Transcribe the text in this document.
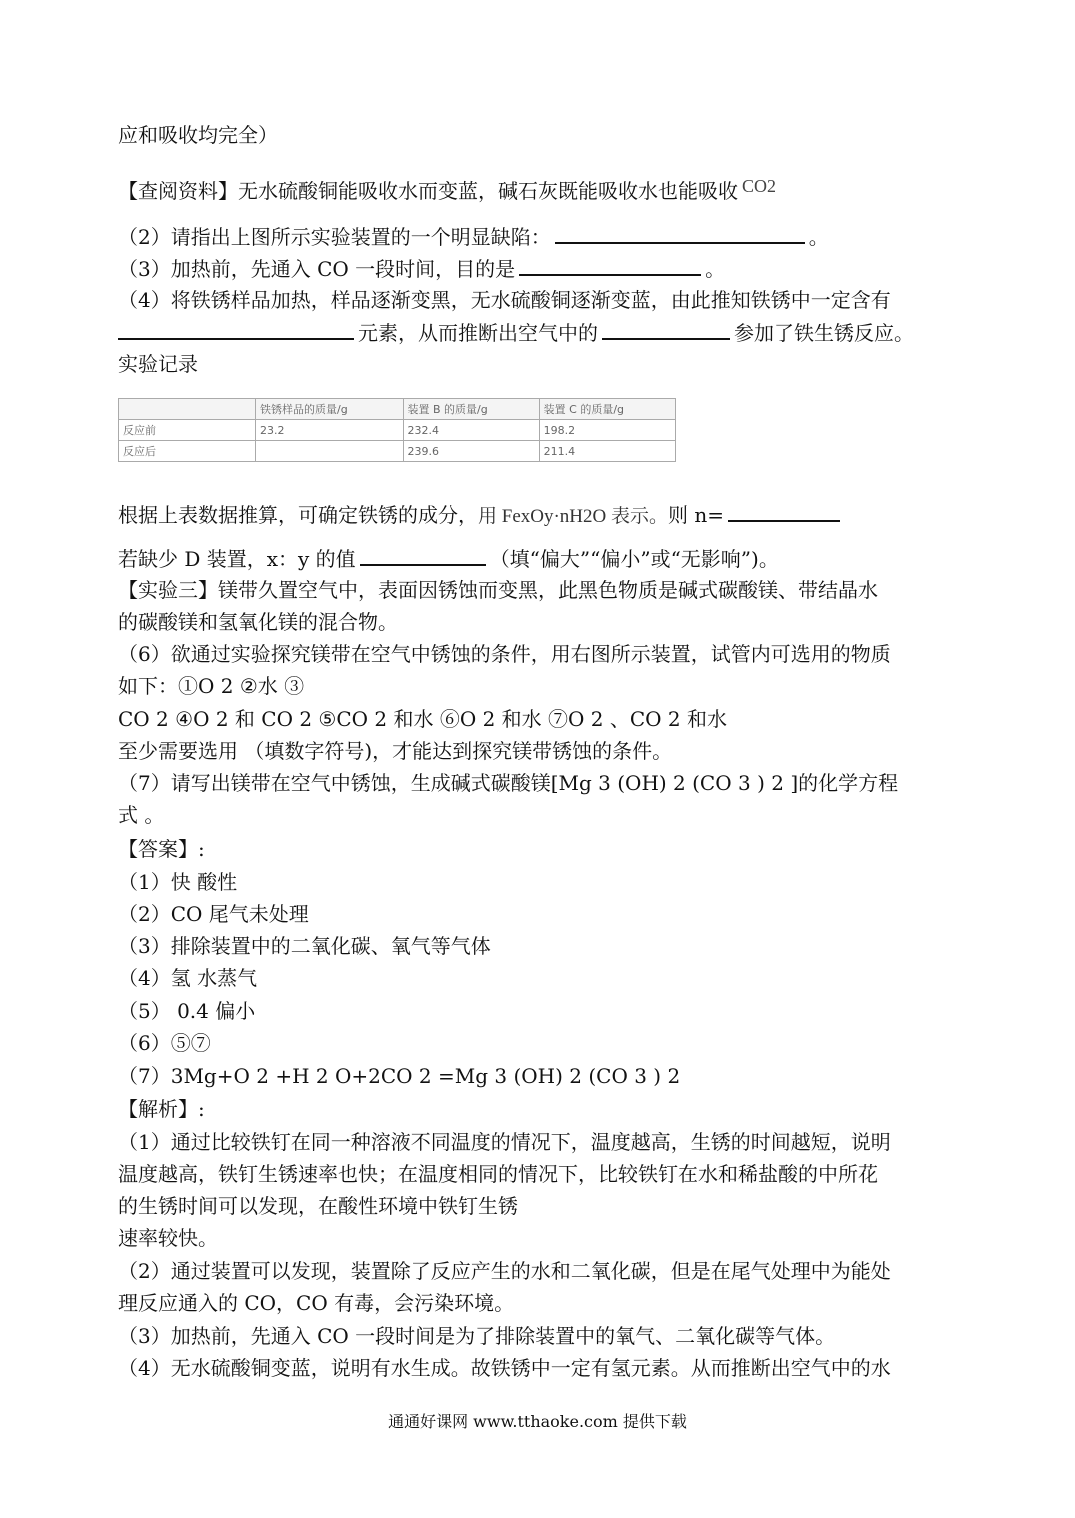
应和吸收均完全）
【查阅资料】无水硫酸铜能吸收水而变蓝，碱石灰既能吸收水也能吸收 CO2
（2）请指出上图所示实验装置的一个明显缺陷：	。
（3）加热前，先通入 CO 一段时间，目的是	。
（4）将铁锈样品加热，样品逐渐变黑，无水硫酸铜逐渐变蓝，由此推知铁锈中一定含有
元素，从而推断出空气中的	参加了铁生锈反应。
实验记录
	铁锈样品的质量/g	装置 B 的质量/g	装置 C 的质量/g
反应前	23.2	232.4	198.2
反应后		239.6	211.4
根据上表数据推算，可确定铁锈的成分，用 FexOy·nH2O 表示。则 n=
若缺少 D 装置，x：y 的值	（填“偏大”“偏小”或“无影响”)。
【实验三】镁带久置空气中，表面因锈蚀而变黑，此黑色物质是碱式碳酸镁、带结晶水
的碳酸镁和氢氧化镁的混合物。
（6）欲通过实验探究镁带在空气中锈蚀的条件，用右图所示装置，试管内可选用的物质
如下：①O 2 ②水 ③
CO 2 ④O 2 和 CO 2 ⑤CO 2 和水 ⑥O 2 和水 ⑦O 2 、CO 2 和水
至少需要选用 （填数字符号)，才能达到探究镁带锈蚀的条件。
（7）请写出镁带在空气中锈蚀，生成碱式碳酸镁[Mg 3 (OH) 2 (CO 3 ) 2 ]的化学方程
式 。
【答案】:
（1）快 酸性
（2）CO 尾气未处理
（3）排除装置中的二氧化碳、氧气等气体
（4）氢 水蒸气
（5） 0.4 偏小
（6）⑤⑦
（7）3Mg+O 2 +H 2 O+2CO 2 =Mg 3 (OH) 2 (CO 3 ) 2
【解析】:
（1）通过比较铁钉在同一种溶液不同温度的情况下，温度越高，生锈的时间越短，说明
温度越高，铁钉生锈速率也快；在温度相同的情况下，比较铁钉在水和稀盐酸的中所花
的生锈时间可以发现，在酸性环境中铁钉生锈
速率较快。
（2）通过装置可以发现，装置除了反应产生的水和二氧化碳，但是在尾气处理中为能处
理反应通入的 CO，CO 有毒，会污染环境。
（3）加热前，先通入 CO 一段时间是为了排除装置中的氧气、二氧化碳等气体。
（4）无水硫酸铜变蓝，说明有水生成。故铁锈中一定有氢元素。从而推断出空气中的水
通通好课网 www.tthaoke.com 提供下载
